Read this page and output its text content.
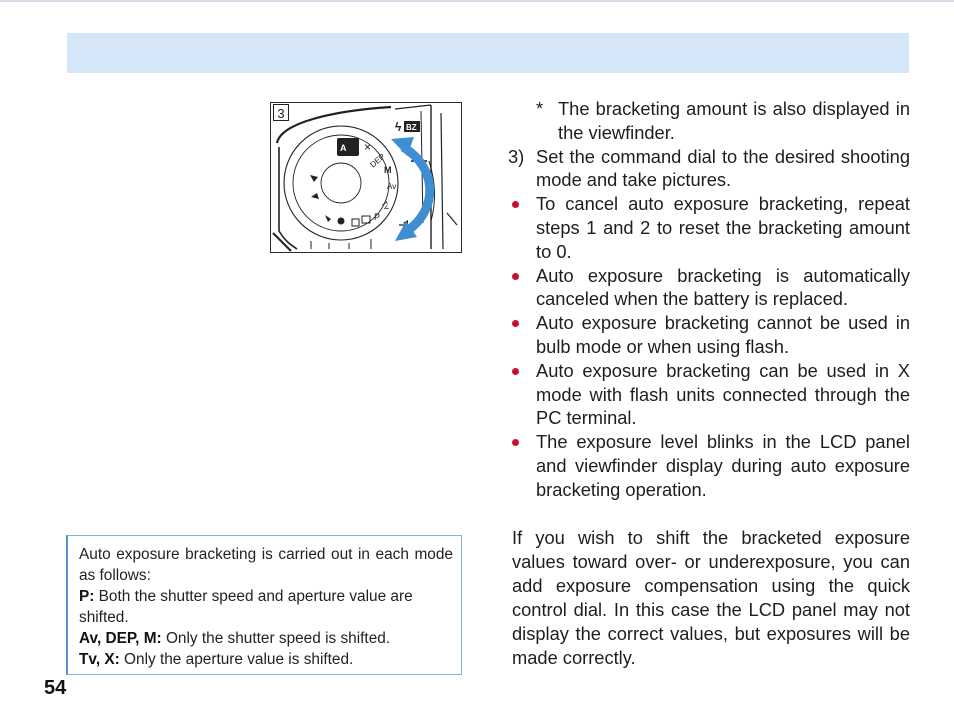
ϟ BZ
A ×
DEP
M
Av
Tv
P
3	* The bracketing amount is also displayed in the viewfinder.
3) Set the command dial to the desired shooting mode and take pictures.
To cancel auto exposure bracketing, repeat steps 1 and 2 to reset the bracketing amount to 0.
Auto exposure bracketing is automatically canceled when the battery is replaced.
Auto exposure bracketing cannot be used in bulb mode or when using flash.
Auto exposure bracketing can be used in X mode with flash units connected through the PC terminal.
The exposure level blinks in the LCD panel and viewfinder display during auto exposure bracketing operation.
If you wish to shift the bracketed exposure values toward over- or underexposure, you can add exposure compensation using the quick control dial. In this case the LCD panel may not display the correct values, but exposures will be made correctly.

Auto exposure bracketing is carried out in each mode as follows:

P: Both the shutter speed and aperture value are shifted.

Av, DEP, M: Only the shutter speed is shifted.

Tv, X: Only the aperture value is shifted.

54
